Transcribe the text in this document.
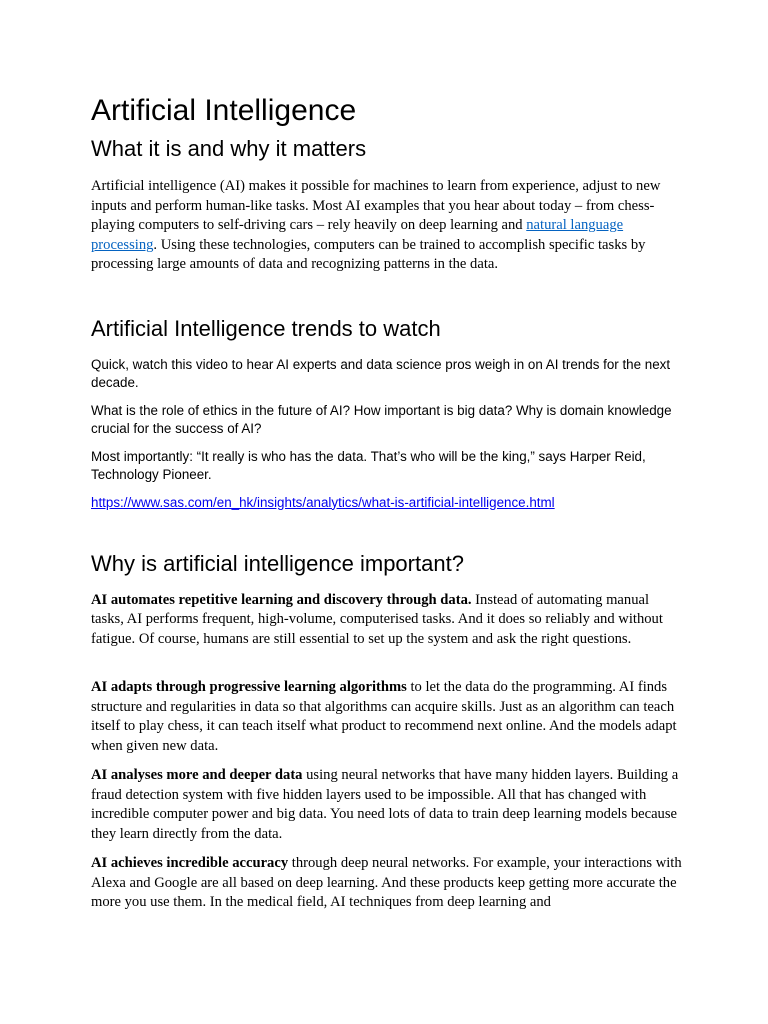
Artificial Intelligence
What it is and why it matters

Artificial intelligence (AI) makes it possible for machines to learn from experience, adjust to new inputs and perform human-like tasks. Most AI examples that you hear about today – from chess-playing computers to self-driving cars – rely heavily on deep learning and natural language processing. Using these technologies, computers can be trained to accomplish specific tasks by processing large amounts of data and recognizing patterns in the data.

Artificial Intelligence trends to watch

Quick, watch this video to hear AI experts and data science pros weigh in on AI trends for the next decade.

What is the role of ethics in the future of AI? How important is big data? Why is domain knowledge crucial for the success of AI?

Most importantly: “It really is who has the data. That’s who will be the king,” says Harper Reid, Technology Pioneer.

https://www.sas.com/en_hk/insights/analytics/what-is-artificial-intelligence.html

Why is artificial intelligence important?

AI automates repetitive learning and discovery through data. Instead of automating manual tasks, AI performs frequent, high-volume, computerised tasks. And it does so reliably and without fatigue. Of course, humans are still essential to set up the system and ask the right questions.

AI adapts through progressive learning algorithms to let the data do the programming. AI finds structure and regularities in data so that algorithms can acquire skills. Just as an algorithm can teach itself to play chess, it can teach itself what product to recommend next online. And the models adapt when given new data.

AI analyses more and deeper data using neural networks that have many hidden layers. Building a fraud detection system with five hidden layers used to be impossible. All that has changed with incredible computer power and big data. You need lots of data to train deep learning models because they learn directly from the data.

AI achieves incredible accuracy through deep neural networks. For example, your interactions with Alexa and Google are all based on deep learning. And these products keep getting more accurate the more you use them. In the medical field, AI techniques from deep learning and
